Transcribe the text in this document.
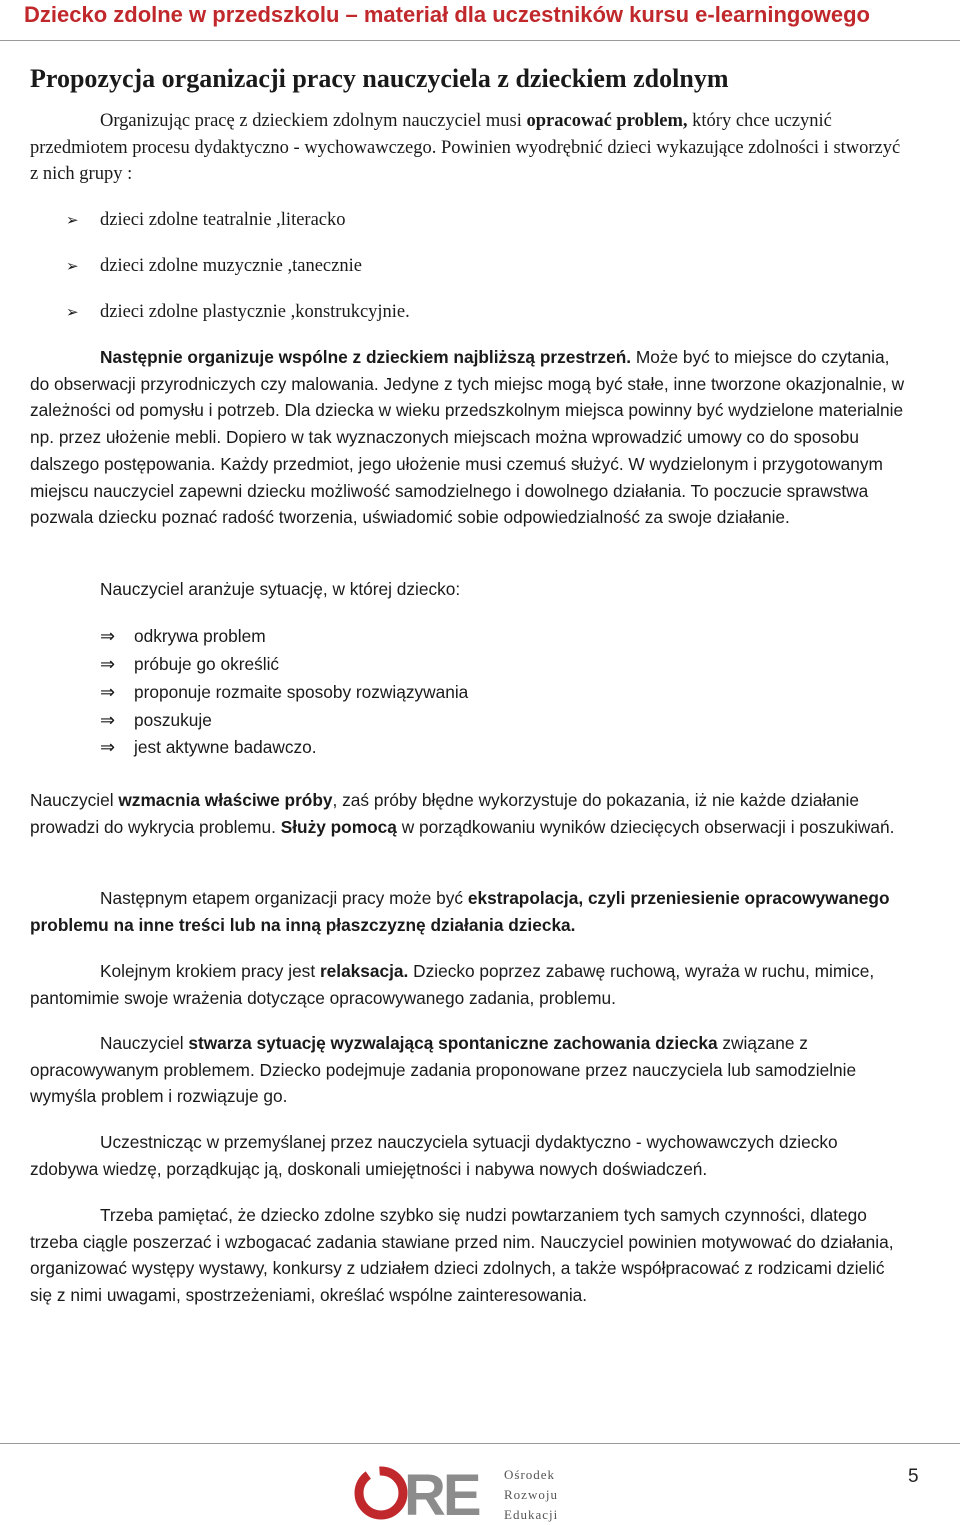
Dziecko zdolne w przedszkolu – materiał dla uczestników kursu e-learningowego
Propozycja organizacji pracy nauczyciela z dzieckiem zdolnym
Organizując pracę z dzieckiem zdolnym nauczyciel musi opracować problem, który chce uczynić przedmiotem procesu dydaktyczno - wychowawczego. Powinien wyodrębnić dzieci wykazujące zdolności i stworzyć z nich grupy :
➢ dzieci zdolne teatralnie ,literacko
➢ dzieci zdolne muzycznie ,tanecznie
➢ dzieci zdolne plastycznie ,konstrukcyjnie.
Następnie organizuje wspólne z dzieckiem najbliższą przestrzeń. Może być to miejsce do czytania, do obserwacji przyrodniczych czy malowania. Jedyne z tych miejsc mogą być stałe, inne tworzone okazjonalnie, w zależności od pomysłu i potrzeb. Dla dziecka w wieku przedszkolnym miejsca powinny być wydzielone materialnie np. przez ułożenie mebli. Dopiero w tak wyznaczonych miejscach można wprowadzić umowy co do sposobu dalszego postępowania. Każdy przedmiot, jego ułożenie musi czemuś służyć. W wydzielonym i przygotowanym miejscu nauczyciel zapewni dziecku możliwość samodzielnego i dowolnego działania. To poczucie sprawstwa pozwala dziecku poznać radość tworzenia, uświadomić sobie odpowiedzialność za swoje działanie.
Nauczyciel aranżuje sytuację, w której dziecko:
⇒ odkrywa problem
⇒ próbuje go określić
⇒ proponuje rozmaite sposoby rozwiązywania
⇒ poszukuje
⇒ jest aktywne badawczo.
Nauczyciel wzmacnia właściwe próby, zaś próby błędne wykorzystuje do pokazania, iż nie każde działanie prowadzi do wykrycia problemu. Służy pomocą w porządkowaniu wyników dziecięcych obserwacji i poszukiwań.
Następnym etapem organizacji pracy może być ekstrapolacja, czyli przeniesienie opracowywanego problemu na inne treści lub na inną płaszczyznę działania dziecka.
Kolejnym krokiem pracy jest relaksacja. Dziecko poprzez zabawę ruchową, wyraża w ruchu, mimice, pantomimie swoje wrażenia dotyczące opracowywanego zadania, problemu.
Nauczyciel stwarza sytuację wyzwalającą spontaniczne zachowania dziecka związane z opracowywanym problemem. Dziecko podejmuje zadania proponowane przez nauczyciela lub samodzielnie wymyśla problem i rozwiązuje go.
Uczestnicząc w przemyślanej przez nauczyciela sytuacji dydaktyczno - wychowawczych dziecko zdobywa wiedzę, porządkując ją, doskonali umiejętności i nabywa nowych doświadczeń.
Trzeba pamiętać, że dziecko zdolne szybko się nudzi powtarzaniem tych samych czynności, dlatego trzeba ciągle poszerzać i wzbogacać zadania stawiane przed nim. Nauczyciel powinien motywować do działania, organizować występy wystawy, konkursy z udziałem dzieci zdolnych, a także współpracować z rodzicami dzielić się z nimi uwagami, spostrzeżeniami, określać wspólne zainteresowania.
RE Ośrodek
Rozwoju
Edukacji
5
